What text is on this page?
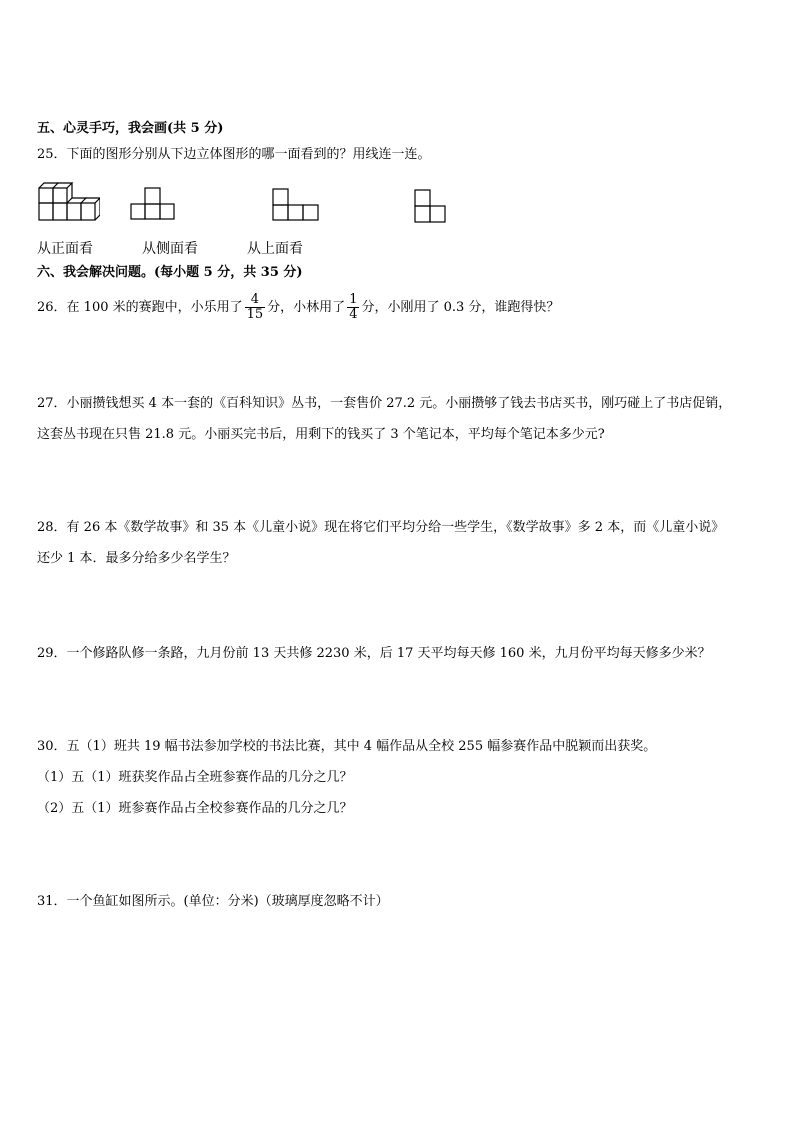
五、心灵手巧，我会画(共 5 分)
25．下面的图形分别从下边立体图形的哪一面看到的？用线连一连。
从正面看	从侧面看	从上面看
六、我会解决问题。(每小题 5 分，共 35 分)
26．在 100 米的赛跑中，小乐用了 $\frac{4}{15}$ 分，小林用了 $\frac{1}{4}$ 分，小刚用了 0.3 分，谁跑得快？
27．小丽攒钱想买 4 本一套的《百科知识》丛书，一套售价 27.2 元。小丽攒够了钱去书店买书，刚巧碰上了书店促销，
这套丛书现在只售 21.8 元。小丽买完书后，用剩下的钱买了 3 个笔记本，平均每个笔记本多少元?
28．有 26 本《数学故事》和 35 本《儿童小说》现在将它们平均分给一些学生，《数学故事》多 2 本，而《儿童小说》
还少 1 本．最多分给多少名学生？
29．一个修路队修一条路，九月份前 13 天共修 2230 米，后 17 天平均每天修 160 米，九月份平均每天修多少米？
30．五（1）班共 19 幅书法参加学校的书法比赛，其中 4 幅作品从全校 255 幅参赛作品中脱颖而出获奖。
（1）五（1）班获奖作品占全班参赛作品的几分之几？
（2）五（1）班参赛作品占全校参赛作品的几分之几？
31．一个鱼缸如图所示。(单位：分米)（玻璃厚度忽略不计）
